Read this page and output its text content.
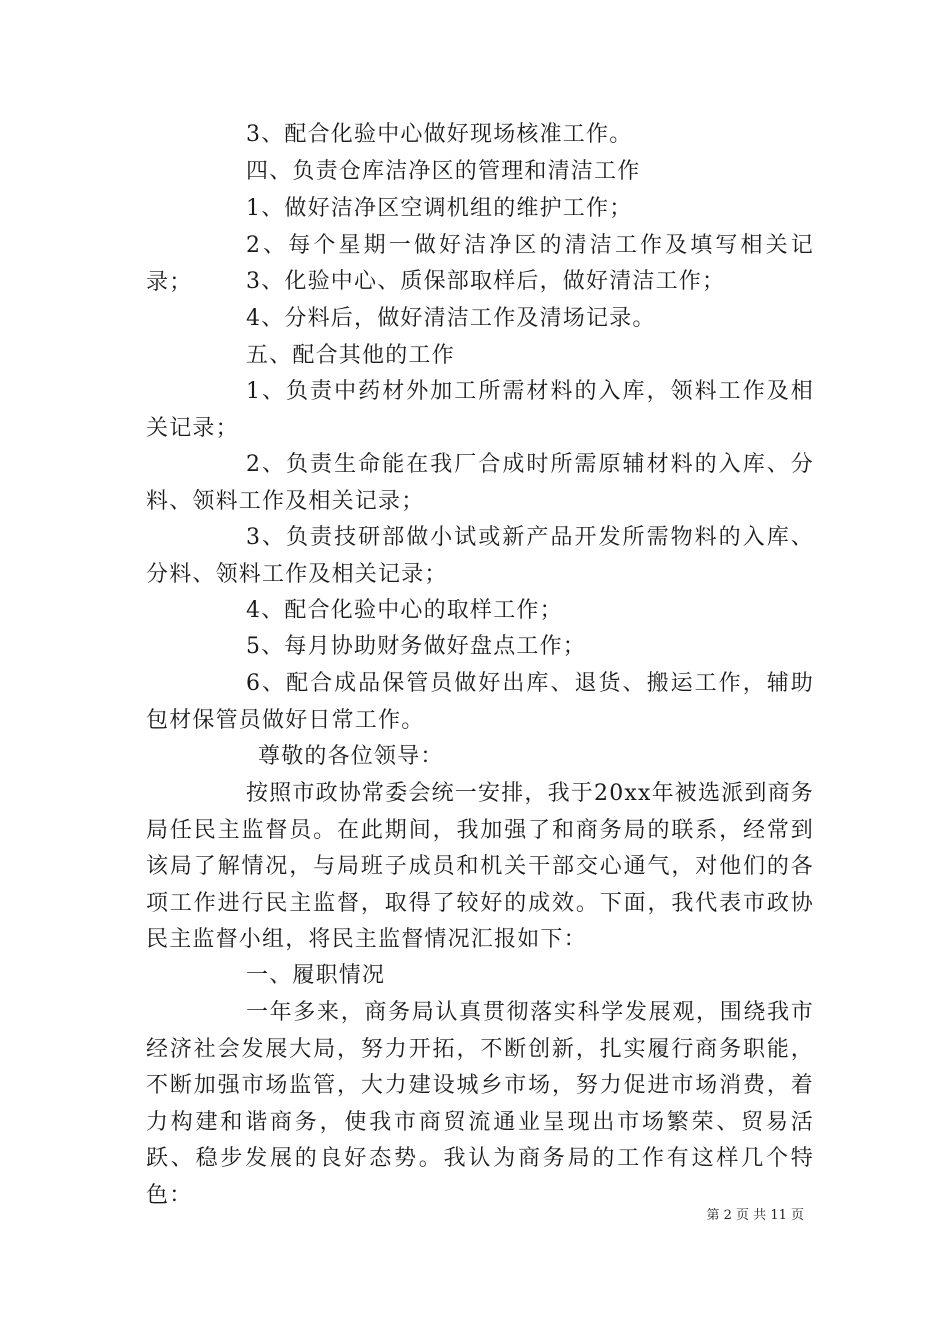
3、配合化验中心做好现场核准工作。

四、负责仓库洁净区的管理和清洁工作

1、做好洁净区空调机组的维护工作；

2、每个星期一做好洁净区的清洁工作及填写相关记录；	3、化验中心、质保部取样后，做好清洁工作；

4、分料后，做好清洁工作及清场记录。

五、配合其他的工作

1、负责中药材外加工所需材料的入库，领料工作及相关记录；

2、负责生命能在我厂合成时所需原辅材料的入库、分料、领料工作及相关记录；

3、负责技研部做小试或新产品开发所需物料的入库、分料、领料工作及相关记录；

4、配合化验中心的取样工作；

5、每月协助财务做好盘点工作；

6、配合成品保管员做好出库、退货、搬运工作，辅助包材保管员做好日常工作。

尊敬的各位领导：

按照市政协常委会统一安排，我于20xx年被选派到商务局任民主监督员。在此期间，我加强了和商务局的联系，经常到该局了解情况，与局班子成员和机关干部交心通气，对他们的各项工作进行民主监督，取得了较好的成效。下面，我代表市政协民主监督小组，将民主监督情况汇报如下：

一、履职情况

一年多来，商务局认真贯彻落实科学发展观，围绕我市经济社会发展大局，努力开拓，不断创新，扎实履行商务职能，不断加强市场监管，大力建设城乡市场，努力促进市场消费，着力构建和谐商务，使我市商贸流通业呈现出市场繁荣、贸易活跃、稳步发展的良好态势。我认为商务局的工作有这样几个特色：

第 2 页 共 11 页
